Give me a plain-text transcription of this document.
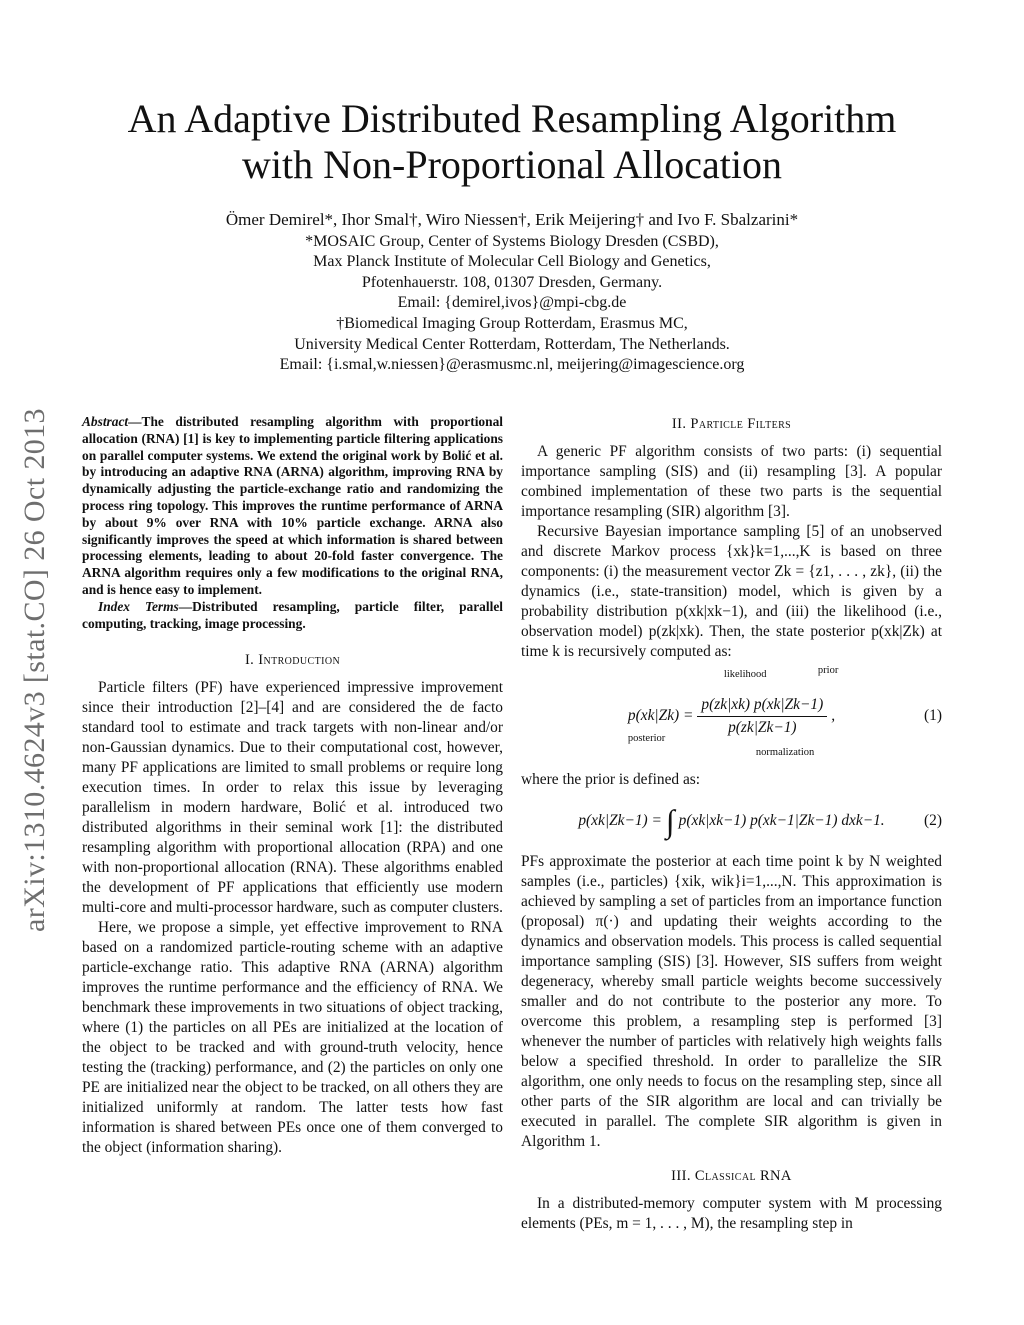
arXiv:1310.4624v3 [stat.CO] 26 Oct 2013
An Adaptive Distributed Resampling Algorithm
with Non-Proportional Allocation
Ömer Demirel*, Ihor Smal†, Wiro Niessen†, Erik Meijering† and Ivo F. Sbalzarini*
*MOSAIC Group, Center of Systems Biology Dresden (CSBD),
Max Planck Institute of Molecular Cell Biology and Genetics,
Pfotenhauerstr. 108, 01307 Dresden, Germany.
Email: {demirel,ivos}@mpi-cbg.de
†Biomedical Imaging Group Rotterdam, Erasmus MC,
University Medical Center Rotterdam, Rotterdam, The Netherlands.
Email: {i.smal,w.niessen}@erasmusmc.nl, meijering@imagescience.org

Abstract—The distributed resampling algorithm with proportional allocation (RNA) [1] is key to implementing particle filtering applications on parallel computer systems. We extend the original work by Bolić et al. by introducing an adaptive RNA (ARNA) algorithm, improving RNA by dynamically adjusting the particle-exchange ratio and randomizing the process ring topology. This improves the runtime performance of ARNA by about 9% over RNA with 10% particle exchange. ARNA also significantly improves the speed at which information is shared between processing elements, leading to about 20-fold faster convergence. The ARNA algorithm requires only a few modifications to the original RNA, and is hence easy to implement.

Index Terms—Distributed resampling, particle filter, parallel computing, tracking, image processing.

I. Introduction

Particle filters (PF) have experienced impressive improvement since their introduction [2]–[4] and are considered the de facto standard tool to estimate and track targets with non-linear and/or non-Gaussian dynamics. Due to their computational cost, however, many PF applications are limited to small problems or require long execution times. In order to relax this issue by leveraging parallelism in modern hardware, Bolić et al. introduced two distributed algorithms in their seminal work [1]: the distributed resampling algorithm with proportional allocation (RPA) and one with non-proportional allocation (RNA). These algorithms enabled the development of PF applications that efficiently use modern multi-core and multi-processor hardware, such as computer clusters.

Here, we propose a simple, yet effective improvement to RNA based on a randomized particle-routing scheme with an adaptive particle-exchange ratio. This adaptive RNA (ARNA) algorithm improves the runtime performance and the efficiency of RNA. We benchmark these improvements in two situations of object tracking, where (1) the particles on all PEs are initialized at the location of the object to be tracked and with ground-truth velocity, hence testing the (tracking) performance, and (2) the particles on only one PE are initialized near the object to be tracked, on all others they are initialized uniformly at random. The latter tests how fast information is shared between PEs once one of them converged to the object (information sharing).

II. Particle Filters

A generic PF algorithm consists of two parts: (i) sequential importance sampling (SIS) and (ii) resampling [3]. A popular combined implementation of these two parts is the sequential importance resampling (SIR) algorithm [3].

Recursive Bayesian importance sampling [5] of an unobserved and discrete Markov process {xk}k=1,...,K is based on three components: (i) the measurement vector Zk = {z1, . . . , zk}, (ii) the dynamics (i.e., state-transition) model, which is given by a probability distribution p(xk|xk−1), and (iii) the likelihood (i.e., observation model) p(zk|xk). Then, the state posterior p(xk|Zk) at time k is recursively computed as:

$p(xk|Zk) = \frac{p(zk|xk) p(xk|Zk-1)}{p(zk|Zk-1)}$ ,
likelihood	prior
posterior
normalization
(1)

where the prior is defined as:

p(xk|Zk−1) = ∫ p(xk|xk−1) p(xk−1|Zk−1) dxk−1.	(2)

PFs approximate the posterior at each time point k by N weighted samples (i.e., particles) {xik, wik}i=1,...,N. This approximation is achieved by sampling a set of particles from an importance function (proposal) π(·) and updating their weights according to the dynamics and observation models. This process is called sequential importance sampling (SIS) [3]. However, SIS suffers from weight degeneracy, whereby small particle weights become successively smaller and do not contribute to the posterior any more. To overcome this problem, a resampling step is performed [3] whenever the number of particles with relatively high weights falls below a specified threshold. In order to parallelize the SIR algorithm, one only needs to focus on the resampling step, since all other parts of the SIR algorithm are local and can trivially be executed in parallel. The complete SIR algorithm is given in Algorithm 1.

III. Classical RNA

In a distributed-memory computer system with M processing elements (PEs, m = 1, . . . , M), the resampling step in
